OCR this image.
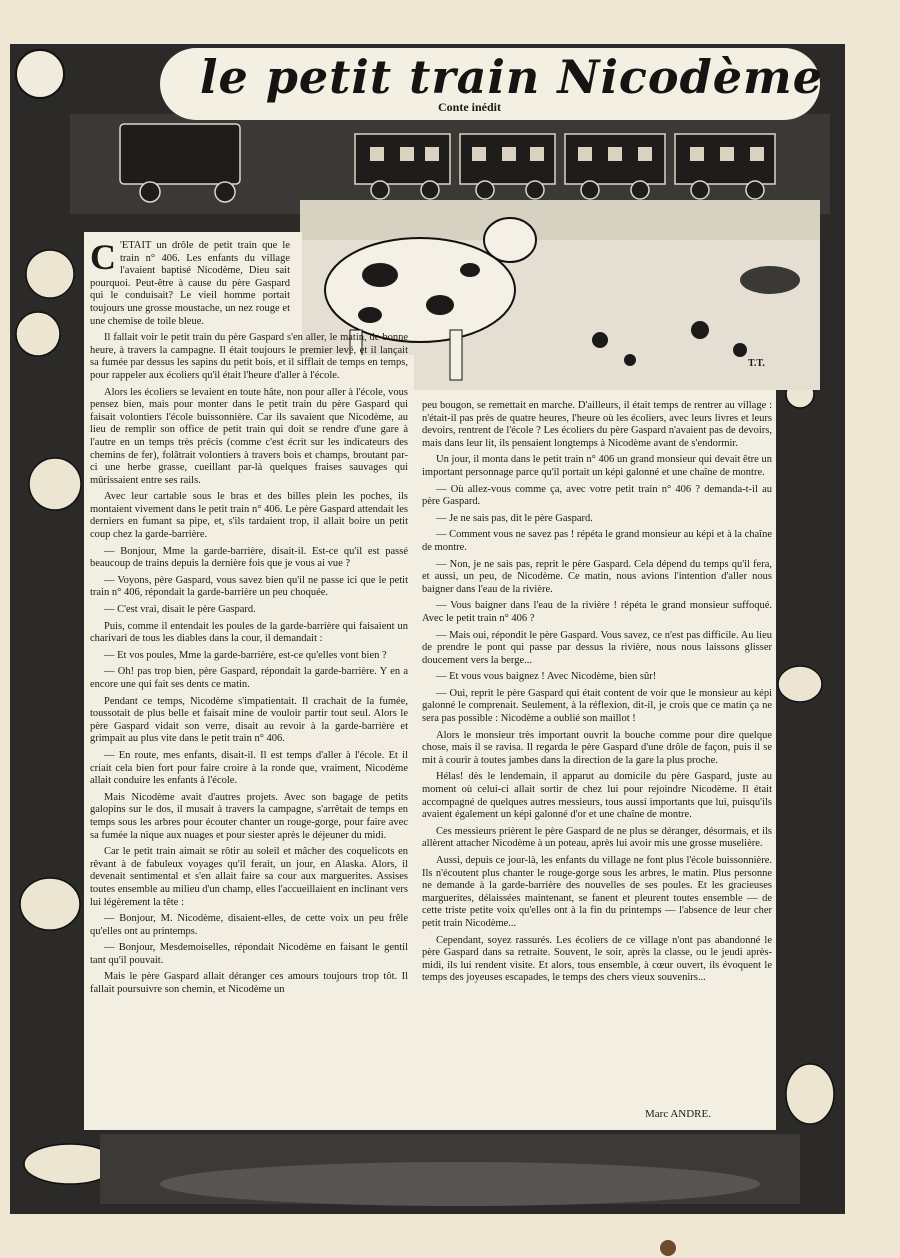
le petit train Nicodème
Conte inédit
T.T.

C 'ETAIT un drôle de petit train que le train n° 406. Les enfants du village l'avaient baptisé Nicodème, Dieu sait pourquoi. Peut-être à cause du père Gaspard qui le conduisait? Le vieil homme portait toujours une grosse moustache, un nez rouge et une chemise de toile bleue.

Il fallait voir le petit train du père Gaspard s'en aller, le matin, de bonne heure, à travers la campagne. Il était toujours le premier levé, et il lançait sa fumée par dessus les sapins du petit bois, et il sifflait de temps en temps, pour rappeler aux écoliers qu'il était l'heure d'aller à l'école.

Alors les écoliers se levaient en toute hâte, non pour aller à l'école, vous pensez bien, mais pour monter dans le petit train du père Gaspard qui faisait volontiers l'école buissonnière. Car ils savaient que Nicodème, au lieu de remplir son office de petit train qui doit se rendre d'une gare à l'autre en un temps très précis (comme c'est écrit sur les indicateurs des chemins de fer), folâtrait volontiers à travers bois et champs, broutant par-ci une herbe grasse, cueillant par-là quelques fraises sauvages qui mûrissaient entre ses rails.

Avec leur cartable sous le bras et des billes plein les poches, ils montaient vivement dans le petit train n° 406. Le père Gaspard attendait les derniers en fumant sa pipe, et, s'ils tardaient trop, il allait boire un petit coup chez la garde-barrière.

— Bonjour, Mme la garde-barrière, disait-il. Est-ce qu'il est passé beaucoup de trains depuis la dernière fois que je vous ai vue ?

— Voyons, père Gaspard, vous savez bien qu'il ne passe ici que le petit train n° 406, répondait la garde-barrière un peu choquée.

— C'est vrai, disait le père Gaspard.

Puis, comme il entendait les poules de la garde-barrière qui faisaient un charivari de tous les diables dans la cour, il demandait :

— Et vos poules, Mme la garde-barrière, est-ce qu'elles vont bien ?

— Oh! pas trop bien, père Gaspard, répondait la garde-barrière. Y en a encore une qui fait ses dents ce matin.

Pendant ce temps, Nicodème s'impatientait. Il crachait de la fumée, toussotait de plus belle et faisait mine de vouloir partir tout seul. Alors le père Gaspard vidait son verre, disait au revoir à la garde-barrière et grimpait au plus vite dans le petit train n° 406.

— En route, mes enfants, disait-il. Il est temps d'aller à l'école. Et il criait cela bien fort pour faire croire à la ronde que, vraiment, Nicodème allait conduire les enfants à l'école.

Mais Nicodème avait d'autres projets. Avec son bagage de petits galopins sur le dos, il musait à travers la campagne, s'arrêtait de temps en temps sous les arbres pour écouter chanter un rouge-gorge, pour faire avec sa fumée la nique aux nuages et pour siester après le déjeuner du midi.

Car le petit train aimait se rôtir au soleil et mâcher des coquelicots en rêvant à de fabuleux voyages qu'il ferait, un jour, en Alaska. Alors, il devenait sentimental et s'en allait faire sa cour aux marguerites. Assises toutes ensemble au milieu d'un champ, elles l'accueillaient en inclinant vers lui légèrement la tête :

— Bonjour, M. Nicodème, disaient-elles, de cette voix un peu frêle qu'elles ont au printemps.

— Bonjour, Mesdemoiselles, répondait Nicodème en faisant le gentil tant qu'il pouvait.

Mais le père Gaspard allait déranger ces amours toujours trop tôt. Il fallait poursuivre son chemin, et Nicodème un

peu bougon, se remettait en marche. D'ailleurs, il était temps de rentrer au village : n'était-il pas près de quatre heures, l'heure où les écoliers, avec leurs livres et leurs devoirs, rentrent de l'école ? Les écoliers du père Gaspard n'avaient pas de devoirs, mais dans leur lit, ils pensaient longtemps à Nicodème avant de s'endormir.

Un jour, il monta dans le petit train n° 406 un grand monsieur qui devait être un important personnage parce qu'il portait un képi galonné et une chaîne de montre.

— Où allez-vous comme ça, avec votre petit train n° 406 ? demanda-t-il au père Gaspard.

— Je ne sais pas, dit le père Gaspard.

— Comment vous ne savez pas ! répéta le grand monsieur au képi et à la chaîne de montre.

— Non, je ne sais pas, reprit le père Gaspard. Cela dépend du temps qu'il fera, et aussi, un peu, de Nicodème. Ce matin, nous avions l'intention d'aller nous baigner dans l'eau de la rivière.

— Vous baigner dans l'eau de la rivière ! répéta le grand monsieur suffoqué. Avec le petit train n° 406 ?

— Mais oui, répondit le père Gaspard. Vous savez, ce n'est pas difficile. Au lieu de prendre le pont qui passe par dessus la rivière, nous nous laissons glisser doucement vers la berge...

— Et vous vous baignez ! Avec Nicodème, bien sûr!

— Oui, reprit le père Gaspard qui était content de voir que le monsieur au képi galonné le comprenait. Seulement, à la réflexion, dit-il, je crois que ce matin ça ne sera pas possible : Nicodème a oublié son maillot !

Alors le monsieur très important ouvrit la bouche comme pour dire quelque chose, mais il se ravisa. Il regarda le père Gaspard d'une drôle de façon, puis il se mit à courir à toutes jambes dans la direction de la gare la plus proche.

Hélas! dès le lendemain, il apparut au domicile du père Gaspard, juste au moment où celui-ci allait sortir de chez lui pour rejoindre Nicodème. Il était accompagné de quelques autres messieurs, tous aussi importants que lui, puisqu'ils avaient également un képi galonné d'or et une chaîne de montre.

Ces messieurs prièrent le père Gaspard de ne plus se déranger, désormais, et ils allèrent attacher Nicodème à un poteau, après lui avoir mis une grosse muselière.

Aussi, depuis ce jour-là, les enfants du village ne font plus l'école buissonnière. Ils n'écoutent plus chanter le rouge-gorge sous les arbres, le matin. Plus personne ne demande à la garde-barrière des nouvelles de ses poules. Et les gracieuses marguerites, délaissées maintenant, se fanent et pleurent toutes ensemble — de cette triste petite voix qu'elles ont à la fin du printemps — l'absence de leur cher petit train Nicodème...

Cependant, soyez rassurés. Les écoliers de ce village n'ont pas abandonné le père Gaspard dans sa retraite. Souvent, le soir, après la classe, ou le jeudi après-midi, ils lui rendent visite. Et alors, tous ensemble, à cœur ouvert, ils évoquent le temps des joyeuses escapades, le temps des chers vieux souvenirs...

Marc ANDRE.
